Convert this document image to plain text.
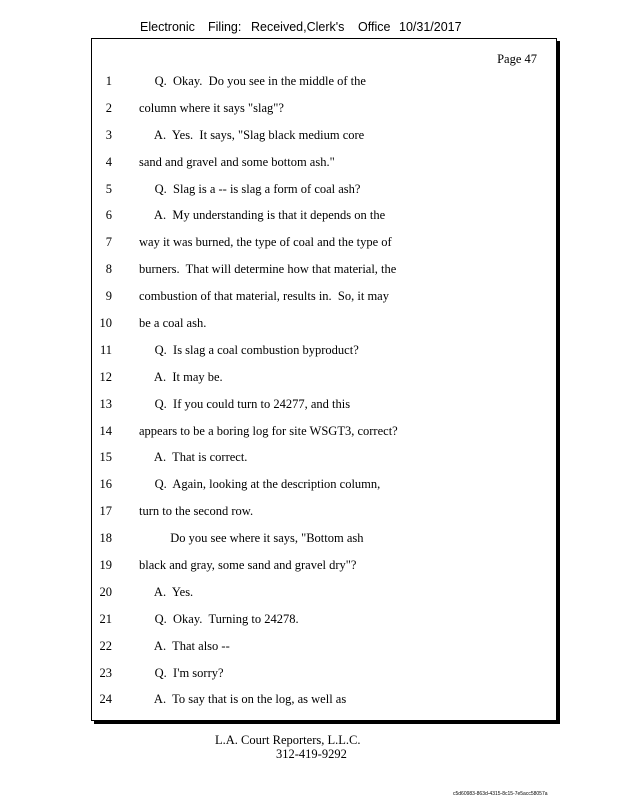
Electronic Filing: Received,Clerk's Office 10/31/2017
Page 47
1 Q.  Okay.  Do you see in the middle of the
2 column where it says "slag"?
3 A.  Yes.  It says, "Slag black medium core
4 sand and gravel and some bottom ash."
5 Q.  Slag is a -- is slag a form of coal ash?
6 A.  My understanding is that it depends on the
7 way it was burned, the type of coal and the type of
8 burners.  That will determine how that material, the
9 combustion of that material, results in.  So, it may
10 be a coal ash.
11 Q.  Is slag a coal combustion byproduct?
12 A.  It may be.
13 Q.  If you could turn to 24277, and this
14 appears to be a boring log for site WSGT3, correct?
15 A.  That is correct.
16 Q.  Again, looking at the description column,
17 turn to the second row.
18 Do you see where it says, "Bottom ash
19 black and gray, some sand and gravel dry"?
20 A.  Yes.
21 Q.  Okay.  Turning to 24278.
22 A.  That also --
23 Q.  I'm sorry?
24 A.  To say that is on the log, as well as
L.A. Court Reporters, L.L.C.
312-419-9292
c5d60983-863d-4315-8c15-7e5acc58057a
